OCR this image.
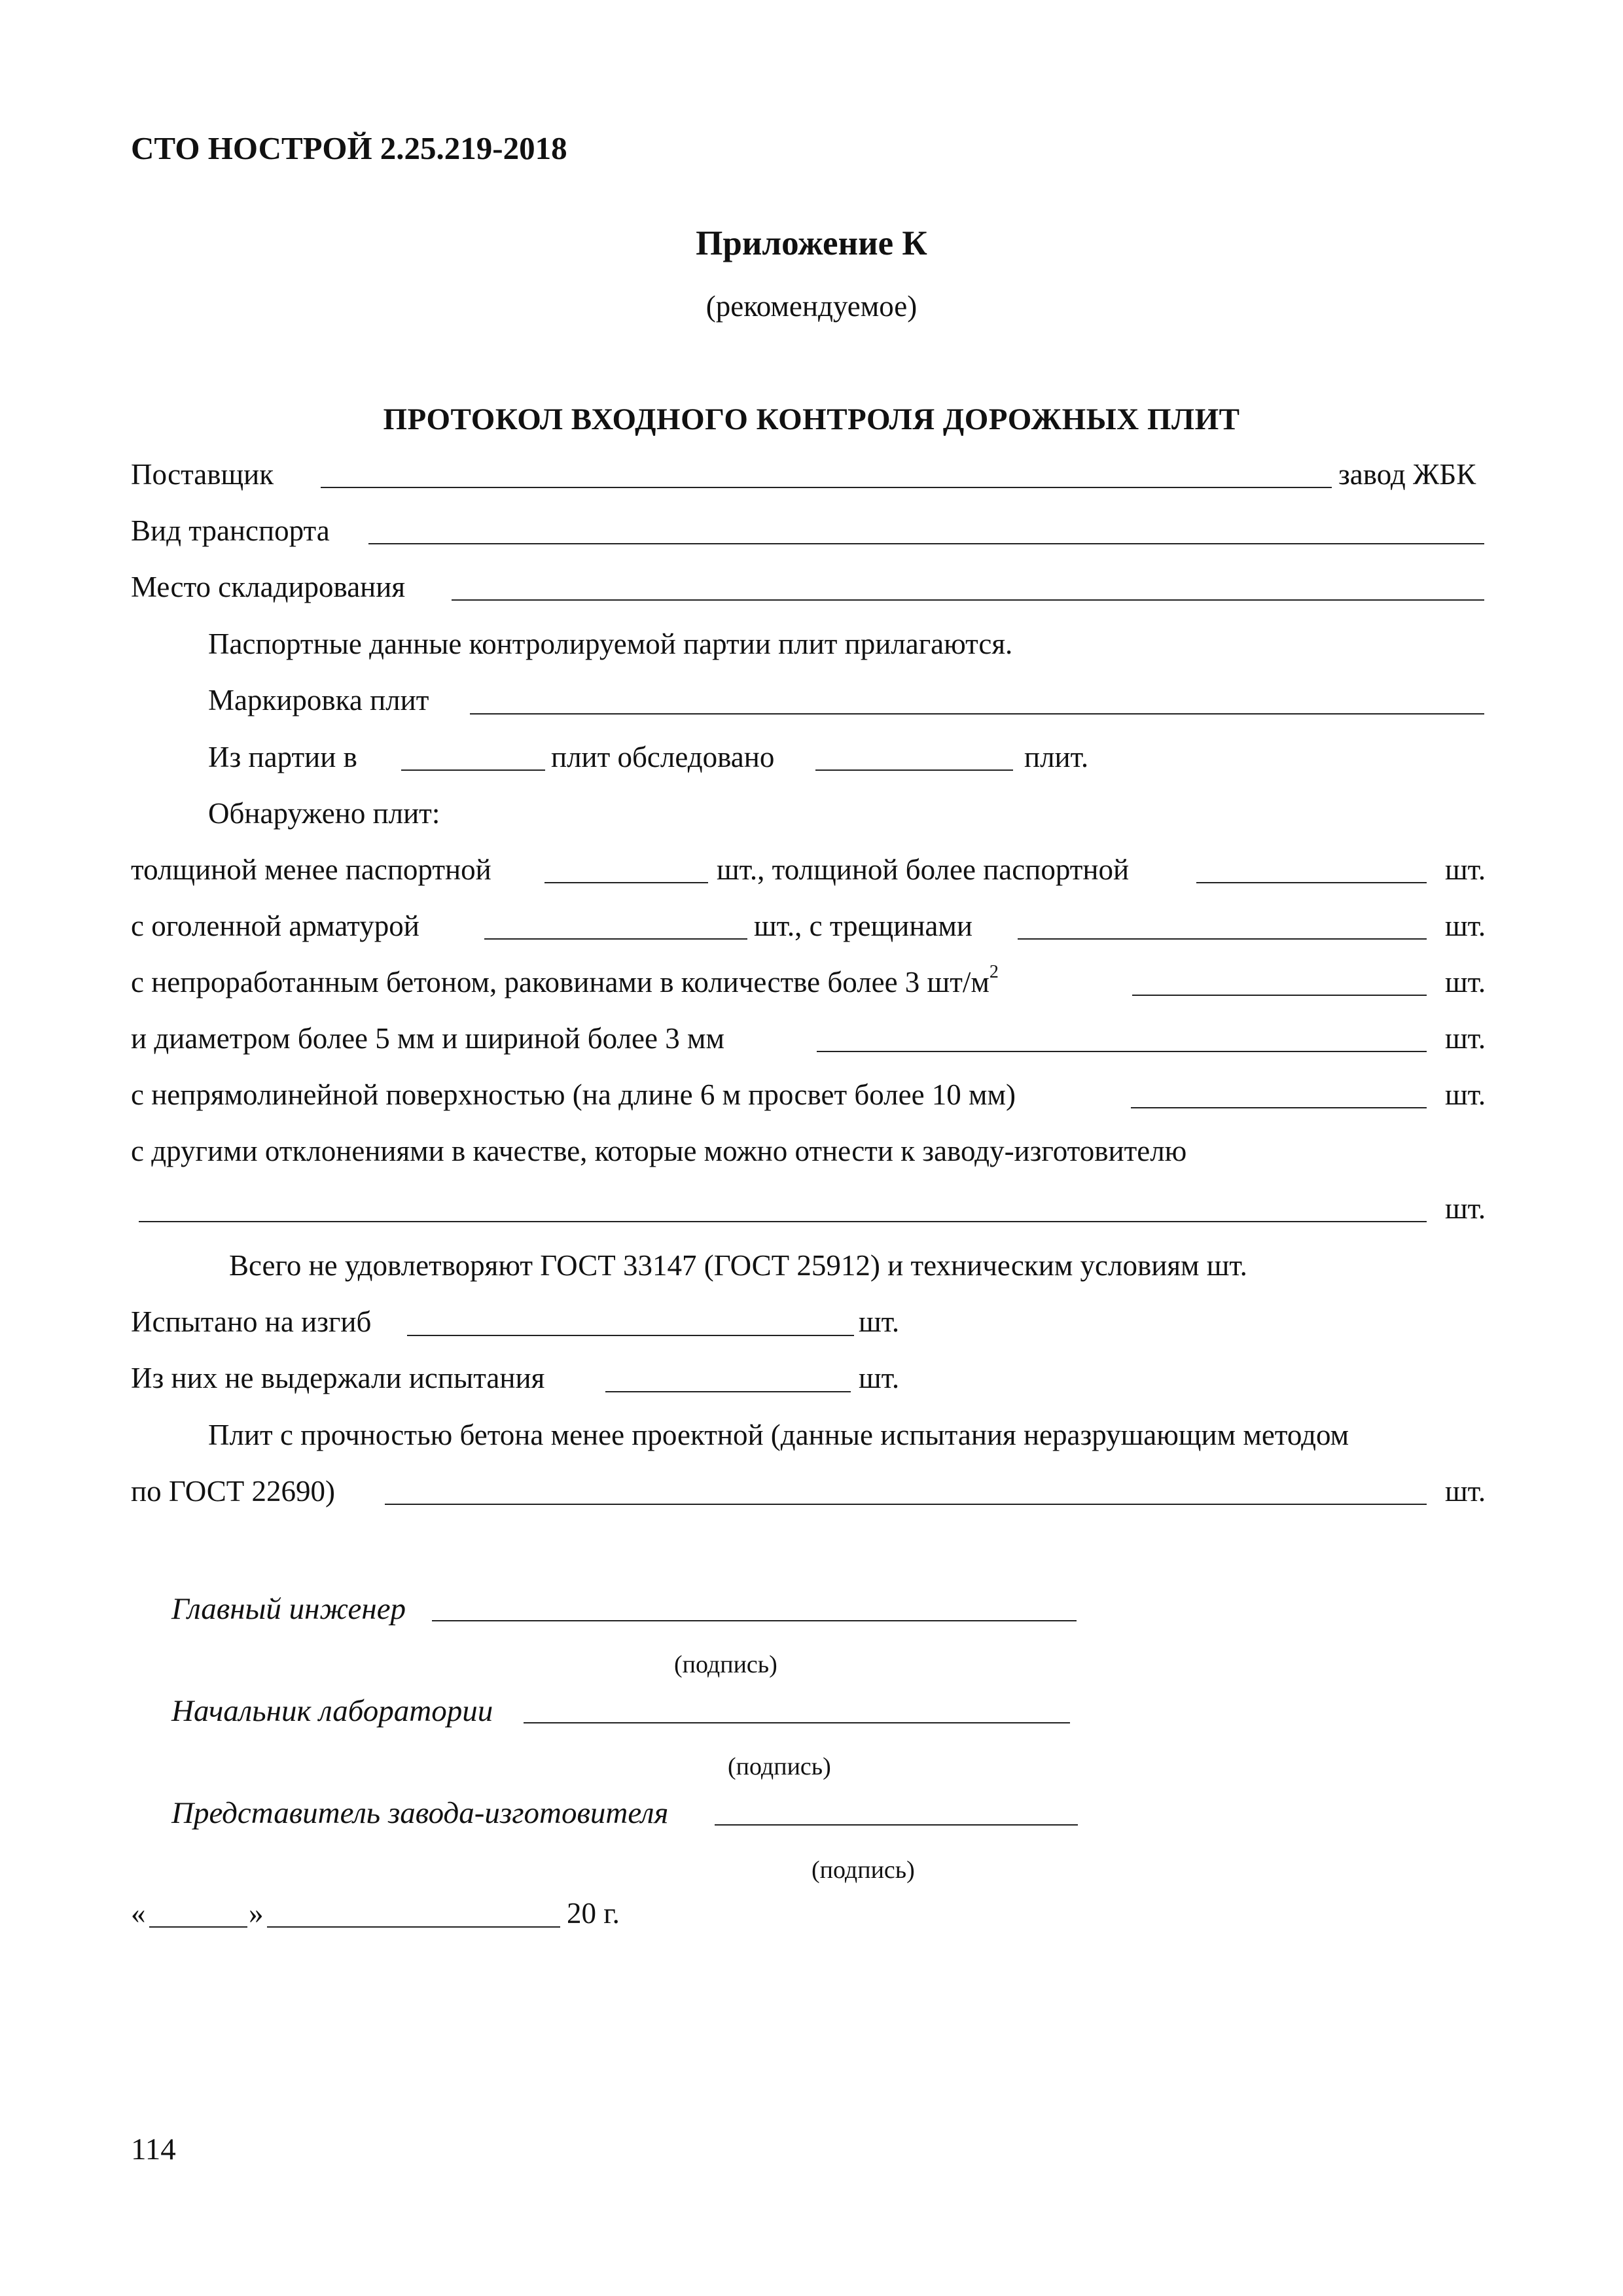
СТО НОСТРОЙ 2.25.219-2018
Приложение К
(рекомендуемое)
ПРОТОКОЛ ВХОДНОГО КОНТРОЛЯ ДОРОЖНЫХ ПЛИТ
Поставщик	завод ЖБК
Вид транспорта
Место складирования
Паспортные данные контролируемой партии плит прилагаются.
Маркировка плит
Из партии в	плит обследовано	плит.
Обнаружено плит:
толщиной менее паспортной	шт., толщиной более паспортной	шт.
с оголенной арматурой	шт., с трещинами	шт.
с непроработанным бетоном, раковинами в количестве более 3 $шт/м^2$	шт.
и диаметром более 5 мм и шириной более 3 мм	шт.
с непрямолинейной поверхностью (на длине 6 м просвет более 10 мм)	шт.
с другими отклонениями в качестве, которые можно отнести к заводу-изготовителю
шт.
Всего не удовлетворяют ГОСТ 33147 (ГОСТ 25912) и техническим условиям шт.
Испытано на изгиб	шт.
Из них не выдержали испытания	шт.
Плит с прочностью бетона менее проектной (данные испытания неразрушающим методом
по ГОСТ 22690)	шт.
Главный инженер
(подпись)
Начальник лаборатории
(подпись)
Представитель завода-изготовителя
(подпись)
«	»	20 г.
114
